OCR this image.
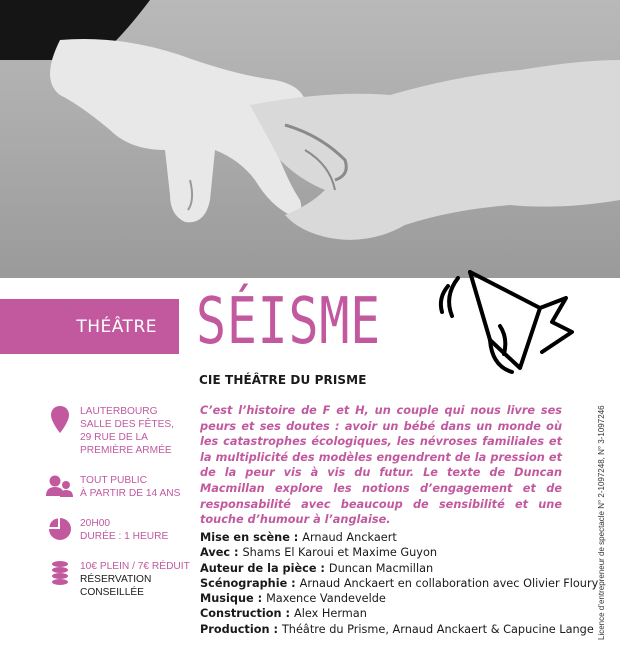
THÉÂTRE SÉISME
CIE THÉÂTRE DU PRISME
C’est l’histoire de F et H, un couple qui nous livre ses peurs et ses doutes : avoir un bébé dans un monde où les catastrophes écologiques, les névroses familiales et la multiplicité des modèles engendrent de la pression et de la peur vis à vis du futur. Le texte de Duncan Macmillan explore les notions d’engagement et de responsabilité avec beaucoup de sensibilité et une touche d’humour à l’anglaise.
Mise en scène : Arnaud Anckaert
Avec : Shams El Karoui et Maxime Guyon
Auteur de la pièce : Duncan Macmillan
Scénographie : Arnaud Anckaert en collaboration avec Olivier Floury
Musique : Maxence Vandevelde
Construction : Alex Herman
Production : Théâtre du Prisme, Arnaud Anckaert & Capucine Lange
LAUTERBOURG
SALLE DES FÊTES,
29 RUE DE LA
PREMIÈRE ARMÉE
TOUT PUBLIC
À PARTIR DE 14 ANS
20H00
DURÉE : 1 HEURE
10€ PLEIN / 7€ RÉDUIT
RÉSERVATION
CONSEILLÉE	Licence d’entrepreneur de spectacle N° 2-1097248, N° 3-1097246
